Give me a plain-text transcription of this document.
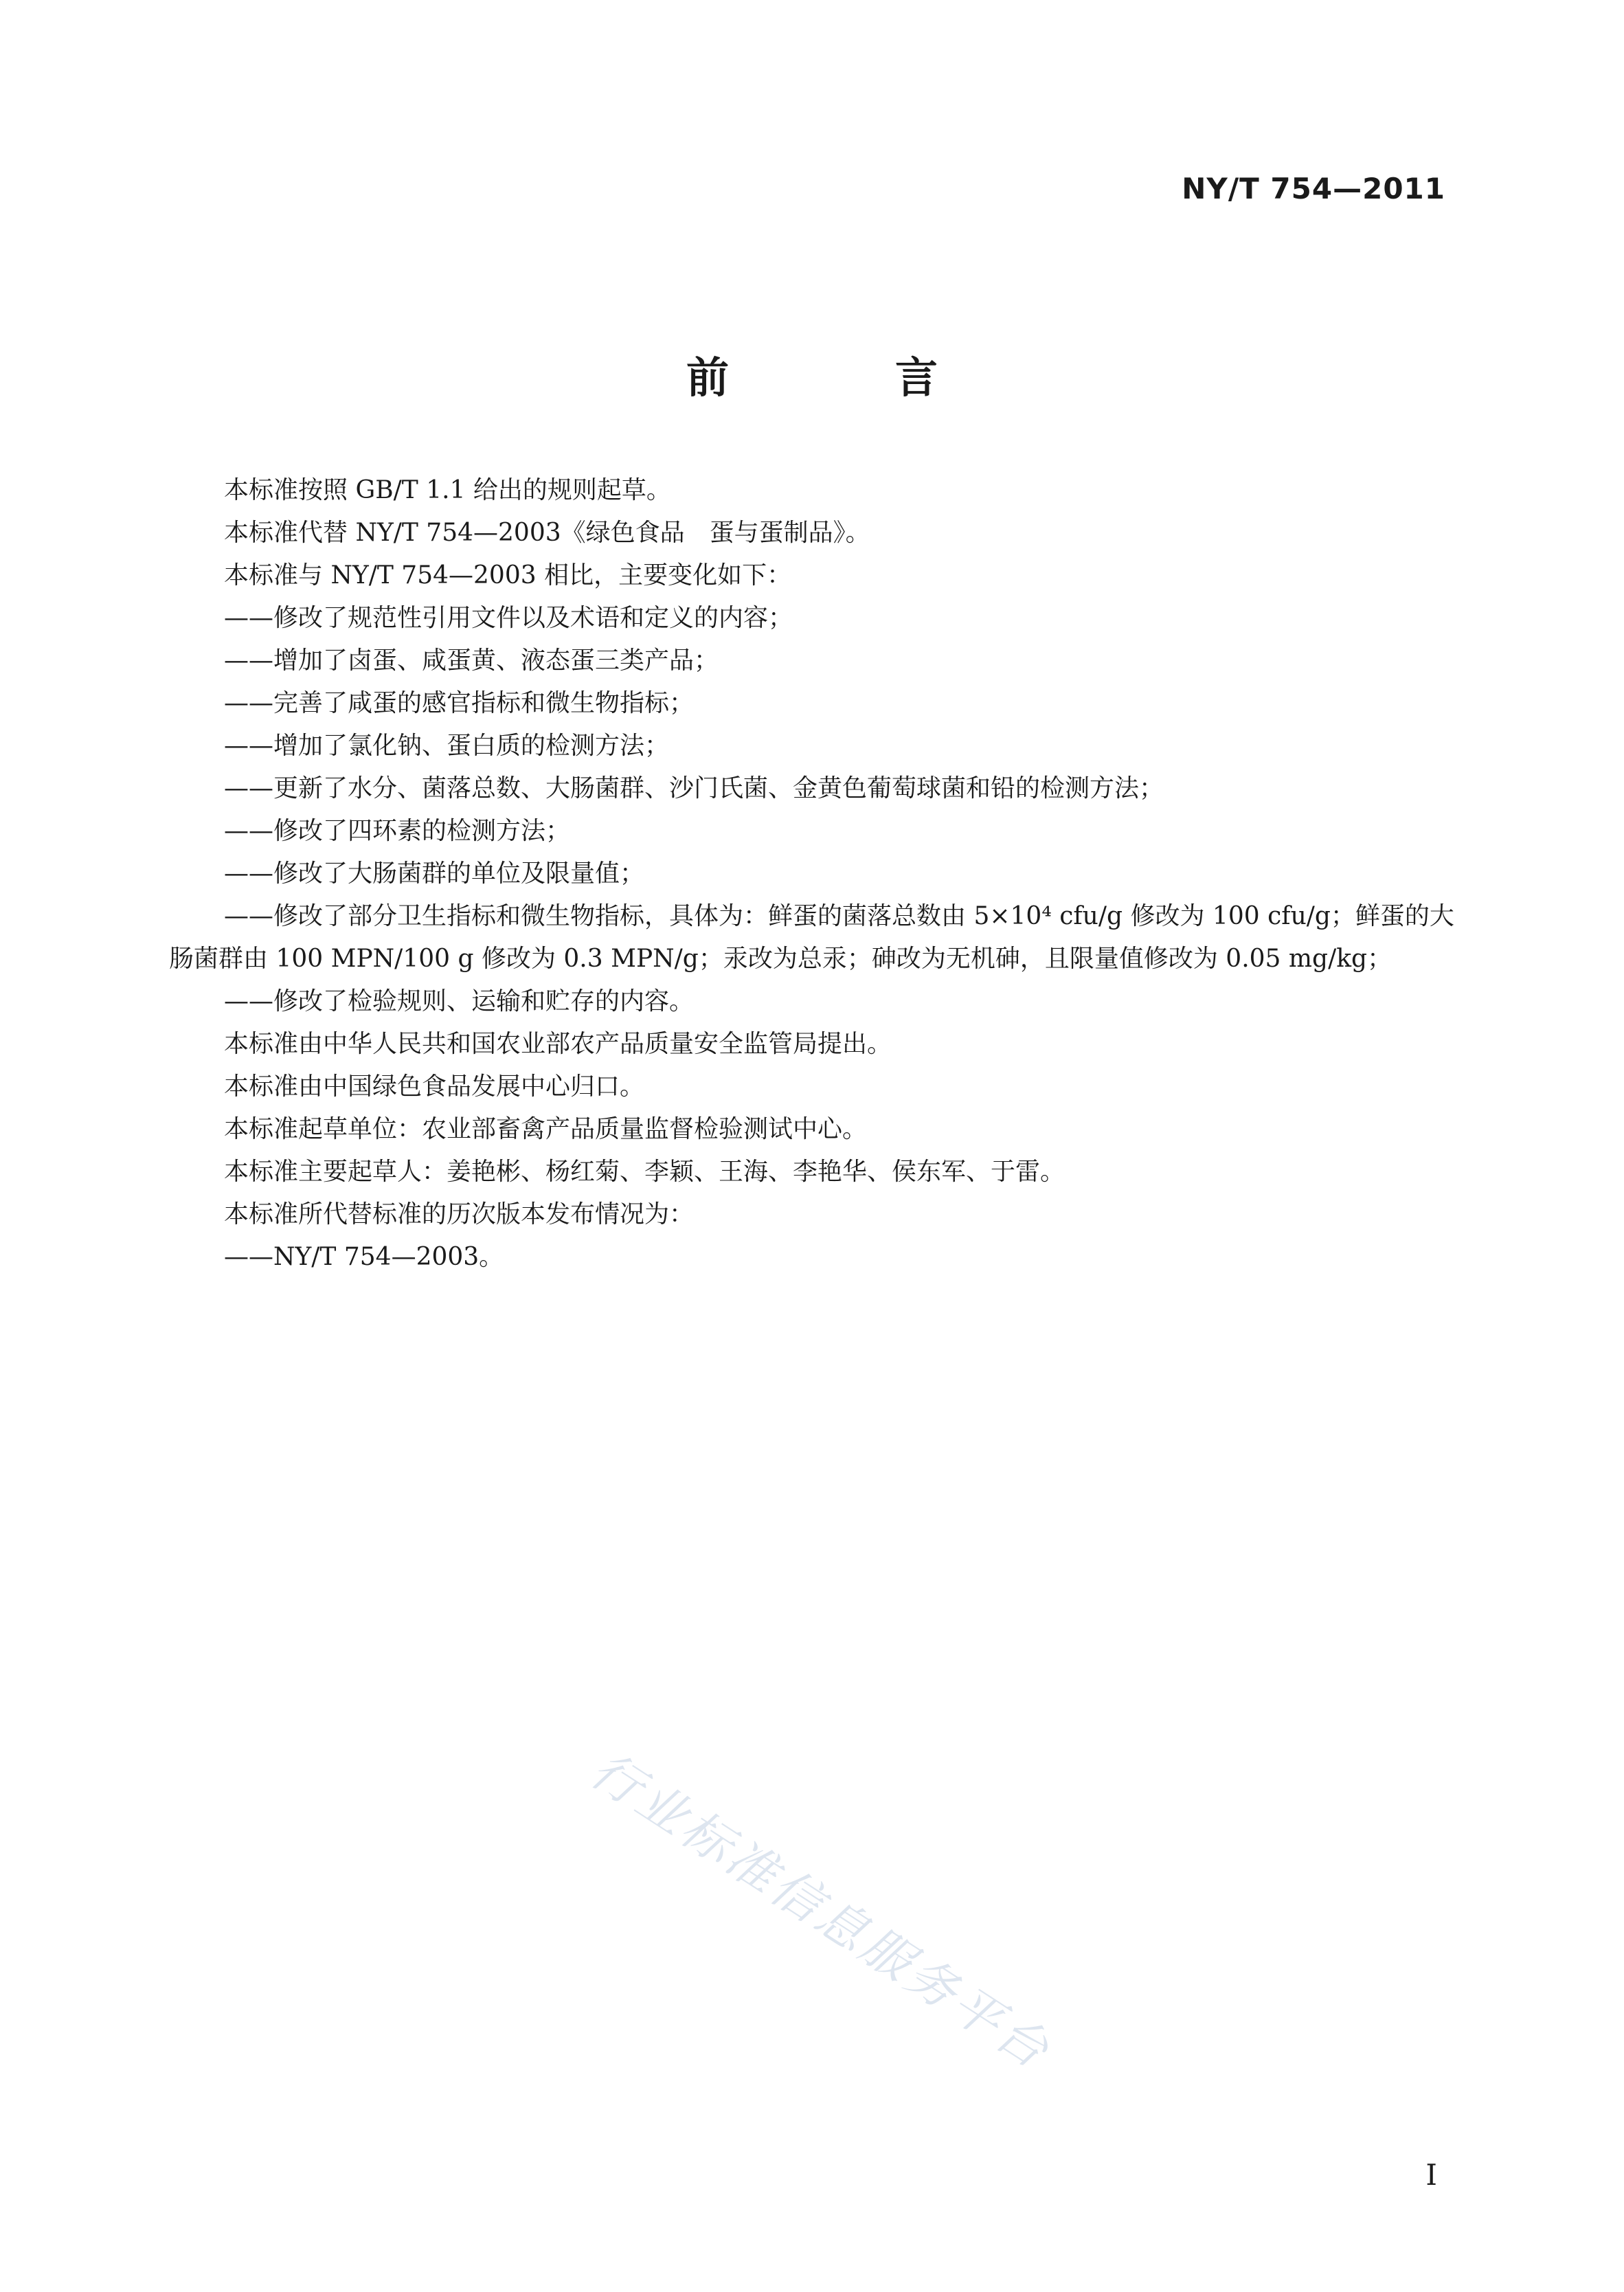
NY/T 754—2011
前　言

本标准按照 GB/T 1.1 给出的规则起草。

本标准代替 NY/T 754—2003《绿色食品　蛋与蛋制品》。

本标准与 NY/T 754—2003 相比，主要变化如下：

——修改了规范性引用文件以及术语和定义的内容；

——增加了卤蛋、咸蛋黄、液态蛋三类产品；

——完善了咸蛋的感官指标和微生物指标；

——增加了氯化钠、蛋白质的检测方法；

——更新了水分、菌落总数、大肠菌群、沙门氏菌、金黄色葡萄球菌和铅的检测方法；

——修改了四环素的检测方法；

——修改了大肠菌群的单位及限量值；

——修改了部分卫生指标和微生物指标，具体为：鲜蛋的菌落总数由 5×10⁴ cfu/g 修改为 100 cfu/g；鲜蛋的大肠菌群由 100 MPN/100 g 修改为 0.3 MPN/g；汞改为总汞；砷改为无机砷，且限量值修改为 0.05 mg/kg；

——修改了检验规则、运输和贮存的内容。

本标准由中华人民共和国农业部农产品质量安全监管局提出。

本标准由中国绿色食品发展中心归口。

本标准起草单位：农业部畜禽产品质量监督检验测试中心。

本标准主要起草人：姜艳彬、杨红菊、李颖、王海、李艳华、侯东军、于雷。

本标准所代替标准的历次版本发布情况为：

——NY/T 754—2003。

行业标准信息服务平台
I
